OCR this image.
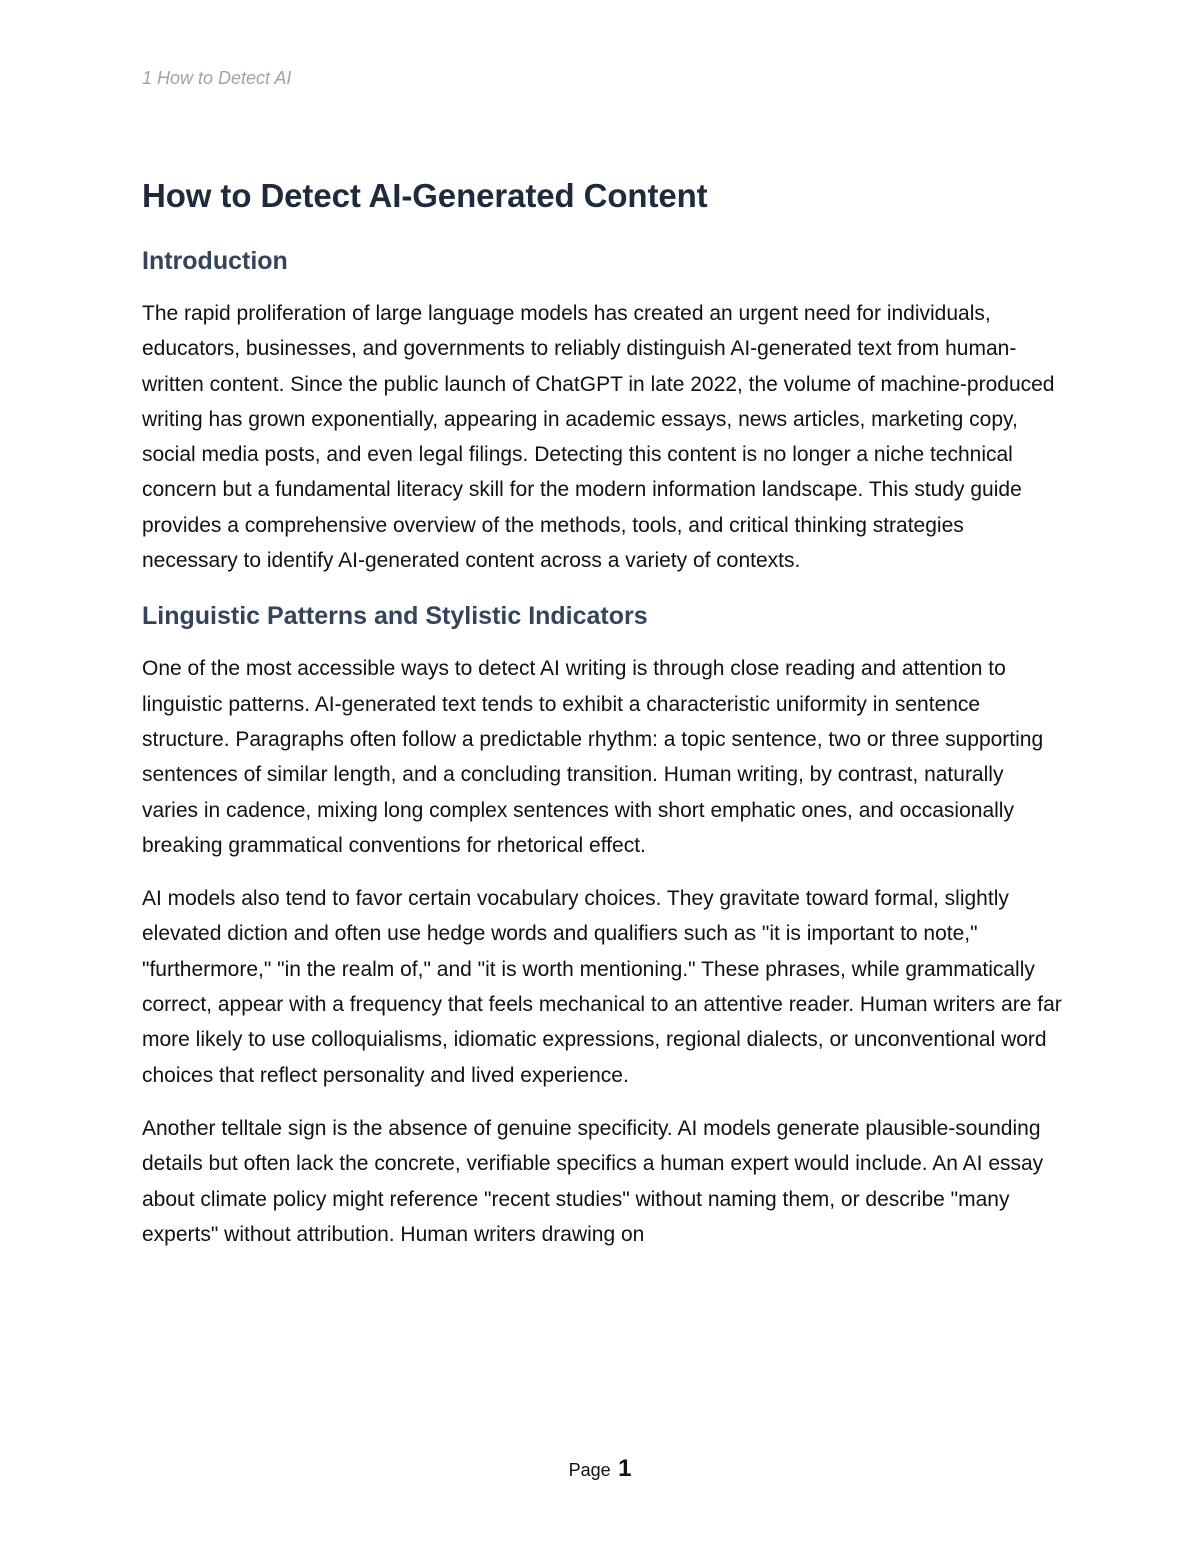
1 How to Detect AI
How to Detect AI-Generated Content
Introduction

The rapid proliferation of large language models has created an urgent need for individuals, educators, businesses, and governments to reliably distinguish AI-generated text from human-written content. Since the public launch of ChatGPT in late 2022, the volume of machine-produced writing has grown exponentially, appearing in academic essays, news articles, marketing copy, social media posts, and even legal filings. Detecting this content is no longer a niche technical concern but a fundamental literacy skill for the modern information landscape. This study guide provides a comprehensive overview of the methods, tools, and critical thinking strategies necessary to identify AI-generated content across a variety of contexts.

Linguistic Patterns and Stylistic Indicators

One of the most accessible ways to detect AI writing is through close reading and attention to linguistic patterns. AI-generated text tends to exhibit a characteristic uniformity in sentence structure. Paragraphs often follow a predictable rhythm: a topic sentence, two or three supporting sentences of similar length, and a concluding transition. Human writing, by contrast, naturally varies in cadence, mixing long complex sentences with short emphatic ones, and occasionally breaking grammatical conventions for rhetorical effect.

AI models also tend to favor certain vocabulary choices. They gravitate toward formal, slightly elevated diction and often use hedge words and qualifiers such as "it is important to note," "furthermore," "in the realm of," and "it is worth mentioning." These phrases, while grammatically correct, appear with a frequency that feels mechanical to an attentive reader. Human writers are far more likely to use colloquialisms, idiomatic expressions, regional dialects, or unconventional word choices that reflect personality and lived experience.

Another telltale sign is the absence of genuine specificity. AI models generate plausible-sounding details but often lack the concrete, verifiable specifics a human expert would include. An AI essay about climate policy might reference "recent studies" without naming them, or describe "many experts" without attribution. Human writers drawing on

Page 1
